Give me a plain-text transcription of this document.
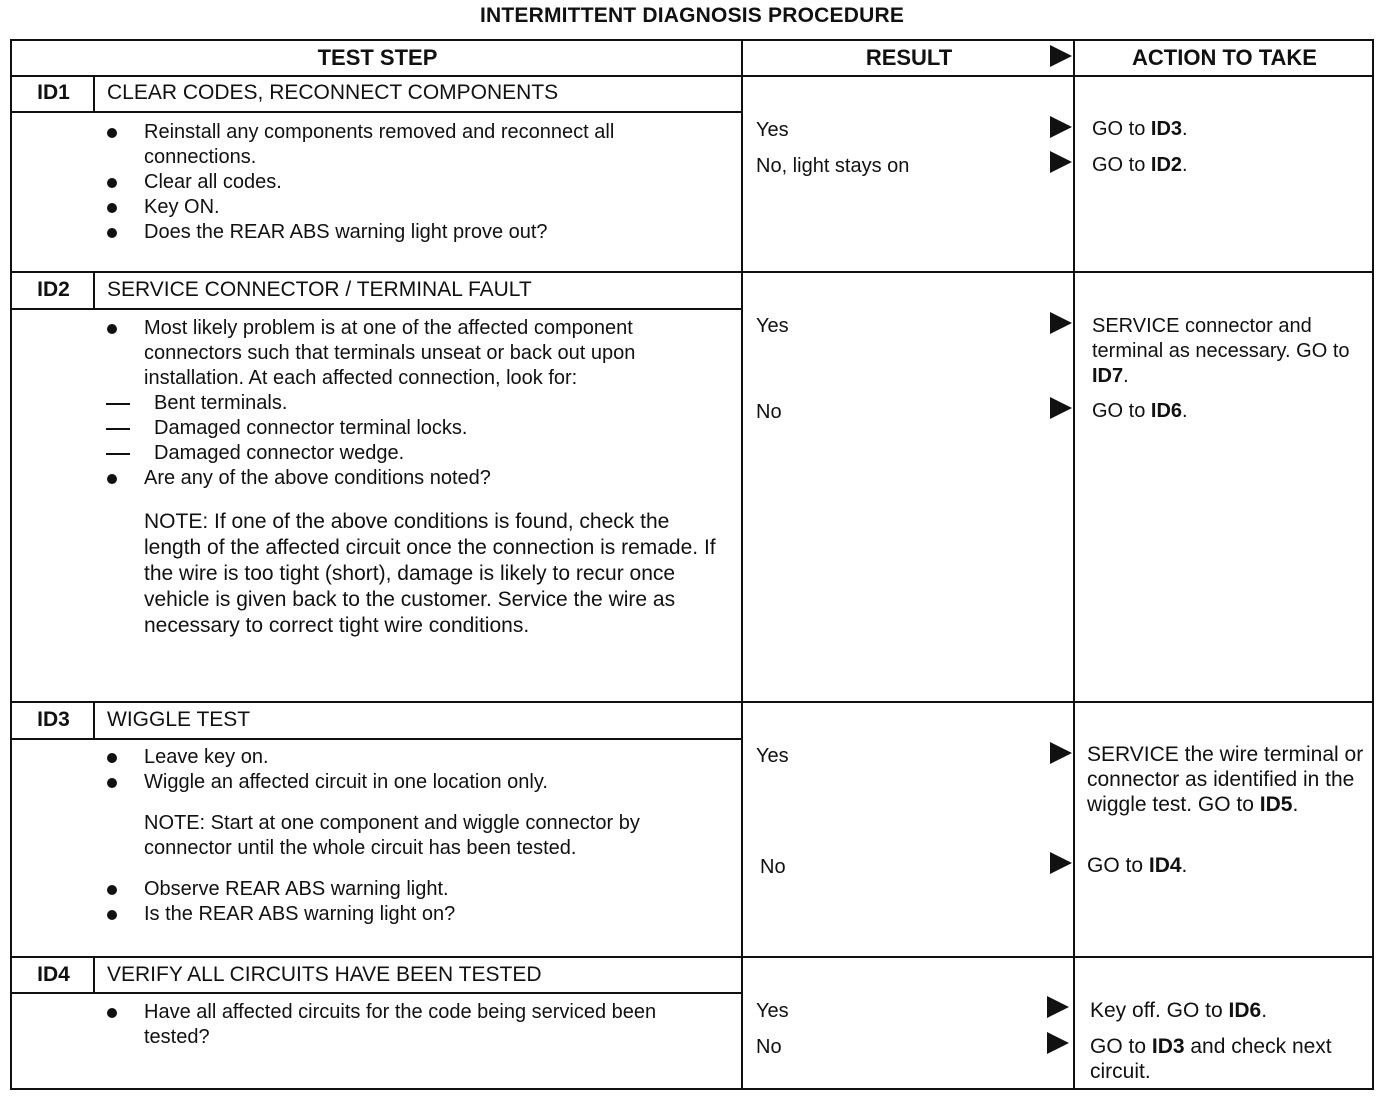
INTERMITTENT DIAGNOSIS PROCEDURE
TEST STEP	RESULT	ACTION TO TAKE
ID1	CLEAR CODES, RECONNECT COMPONENTS
Reinstall any components removed and reconnect all connections.
Clear all codes.
Key ON.
Does the REAR ABS warning light prove out?
Yes	GO to ID3.
No, light stays on	GO to ID2.
ID2	SERVICE CONNECTOR / TERMINAL FAULT
Most likely problem is at one of the affected component connectors such that terminals unseat or back out upon installation. At each affected connection, look for:
Bent terminals.
Damaged connector terminal locks.
Damaged connector wedge.
Are any of the above conditions noted?
NOTE: If one of the above conditions is found, check the length of the affected circuit once the connection is remade. If the wire is too tight (short), damage is likely to recur once vehicle is given back to the customer. Service the wire as necessary to correct tight wire conditions.
Yes	SERVICE connector and terminal as necessary. GO to ID7.
No	GO to ID6.
ID3	WIGGLE TEST
Leave key on.
Wiggle an affected circuit in one location only.
NOTE: Start at one component and wiggle connector by connector until the whole circuit has been tested.
Observe REAR ABS warning light.
Is the REAR ABS warning light on?
Yes	SERVICE the wire terminal or connector as identified in the wiggle test. GO to ID5.
No	GO to ID4.
ID4	VERIFY ALL CIRCUITS HAVE BEEN TESTED
Have all affected circuits for the code being serviced been tested?
Yes	Key off. GO to ID6.
No	GO to ID3 and check next circuit.
